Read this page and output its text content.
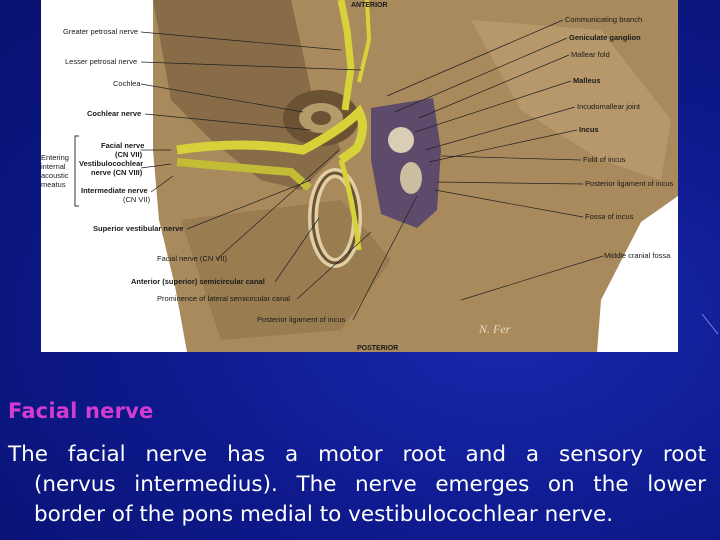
ANTERIOR
POSTERIOR
Entering
internal
acoustic
meatus
Greater petrosal nerve
Lesser petrosal nerve
Cochlea
Cochlear nerve
Facial nerve
(CN VII)
Vestibulocochlear
nerve (CN VIII)
Intermediate nerve
(CN VII)
Superior vestibular nerve
Facial nerve (CN VII)
Anterior (superior) semicircular canal
Prominence of lateral semicircular canal
Posterior ligament of incus
Communicating branch
Geniculate ganglion
Mallear fold
Malleus
Incudomallear joint
Incus
Fold of incus
Posterior ligament of incus
Fossa of incus
Middle cranial fossa
N. Fer
Facial nerve
The facial nerve has a motor root and a sensory root
(nervus intermedius). The nerve emerges on the lower
border of the pons medial to vestibulocochlear nerve.
